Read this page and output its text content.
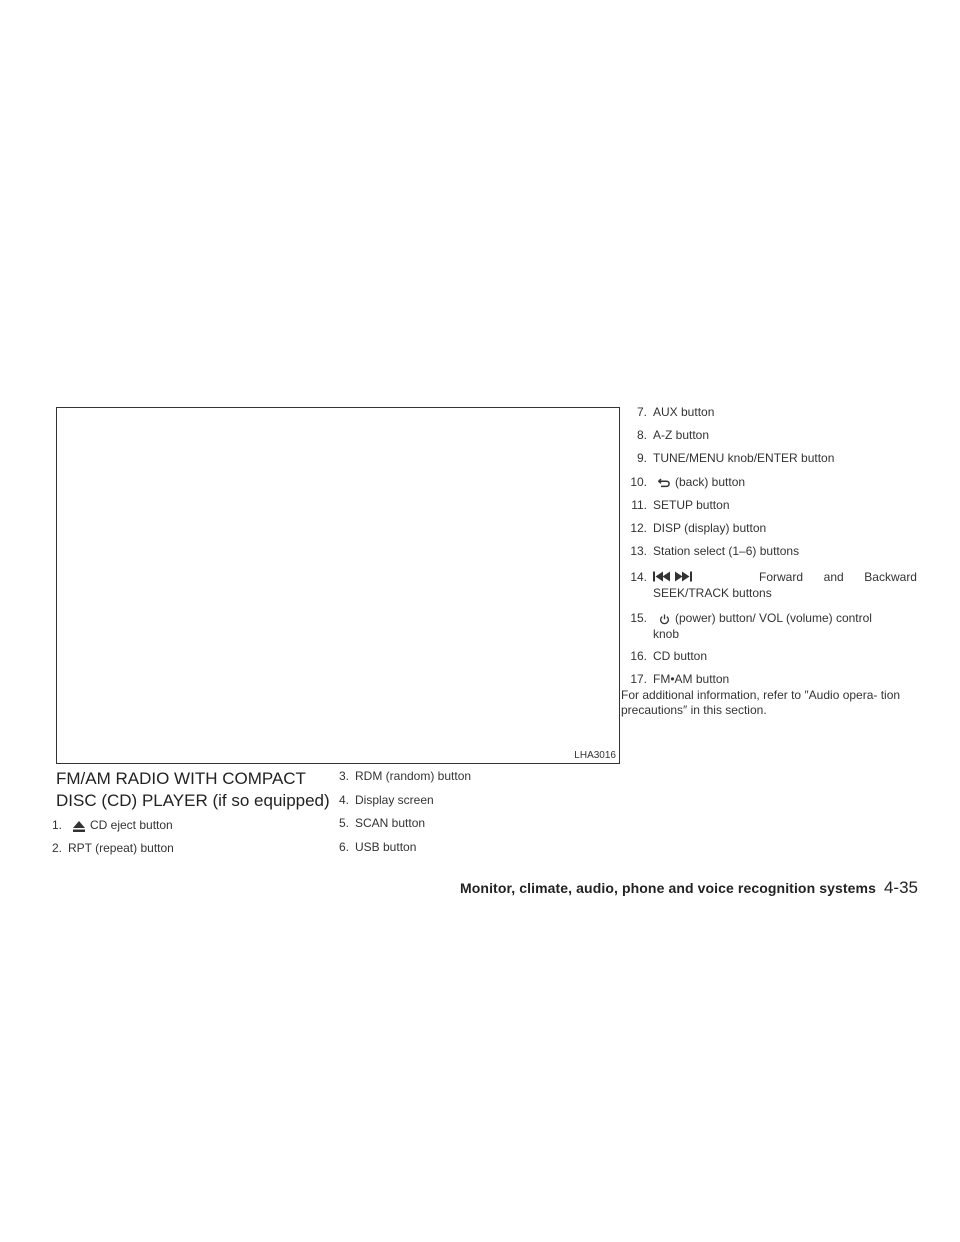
LHA3016
FM/AM RADIO WITH COMPACT
DISC (CD) PLAYER (if so equipped)
1. CD eject button
2. RPT (repeat) button
3. RDM (random) button
4. Display screen
5. SCAN button
6. USB button
7. AUX button
8. A-Z button
9. TUNE/MENU knob/ENTER button
10. (back) button
11. SETUP button
12. DISP (display) button
13. Station select (1–6) buttons
14.	Forward and Backward
SEEK/TRACK buttons
15. (power) button/ VOL (volume) control
knob
16. CD button
17. FM•AM button
For additional information, refer to ″Audio opera- tion precautions″ in this section.
Monitor, climate, audio, phone and voice recognition systems 4-35
